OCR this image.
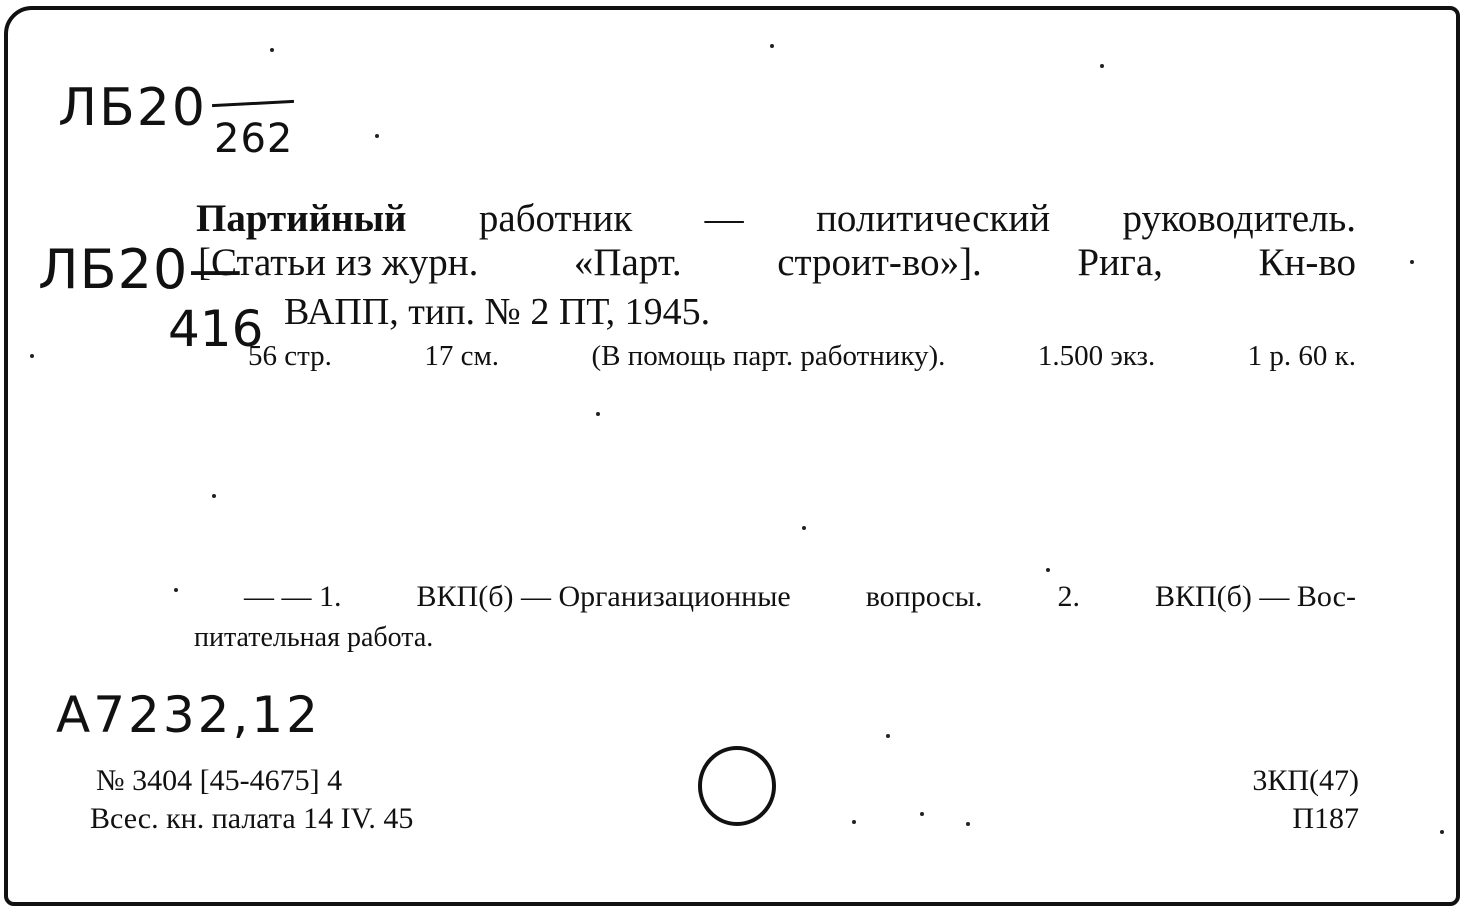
ЛБ20
262
ЛБ20—
416
Партийный работник — политический руководитель.
[Статьи из журн. «Парт. строит-во»]. Рига, Кн-во
ВАПП, тип. № 2 ПТ, 1945.
56 стр.	17 см.	(В помощь парт. работнику).	1.500 экз.	1 р. 60 к.
— — 1.	ВКП(б) — Организационные	вопросы.	2.	ВКП(б) — Вос-
питательная работа.
А7232,12
№ 3404 [45-4675] 4
Всес. кн. палата 14 IV. 45
3КП(47)
П187
